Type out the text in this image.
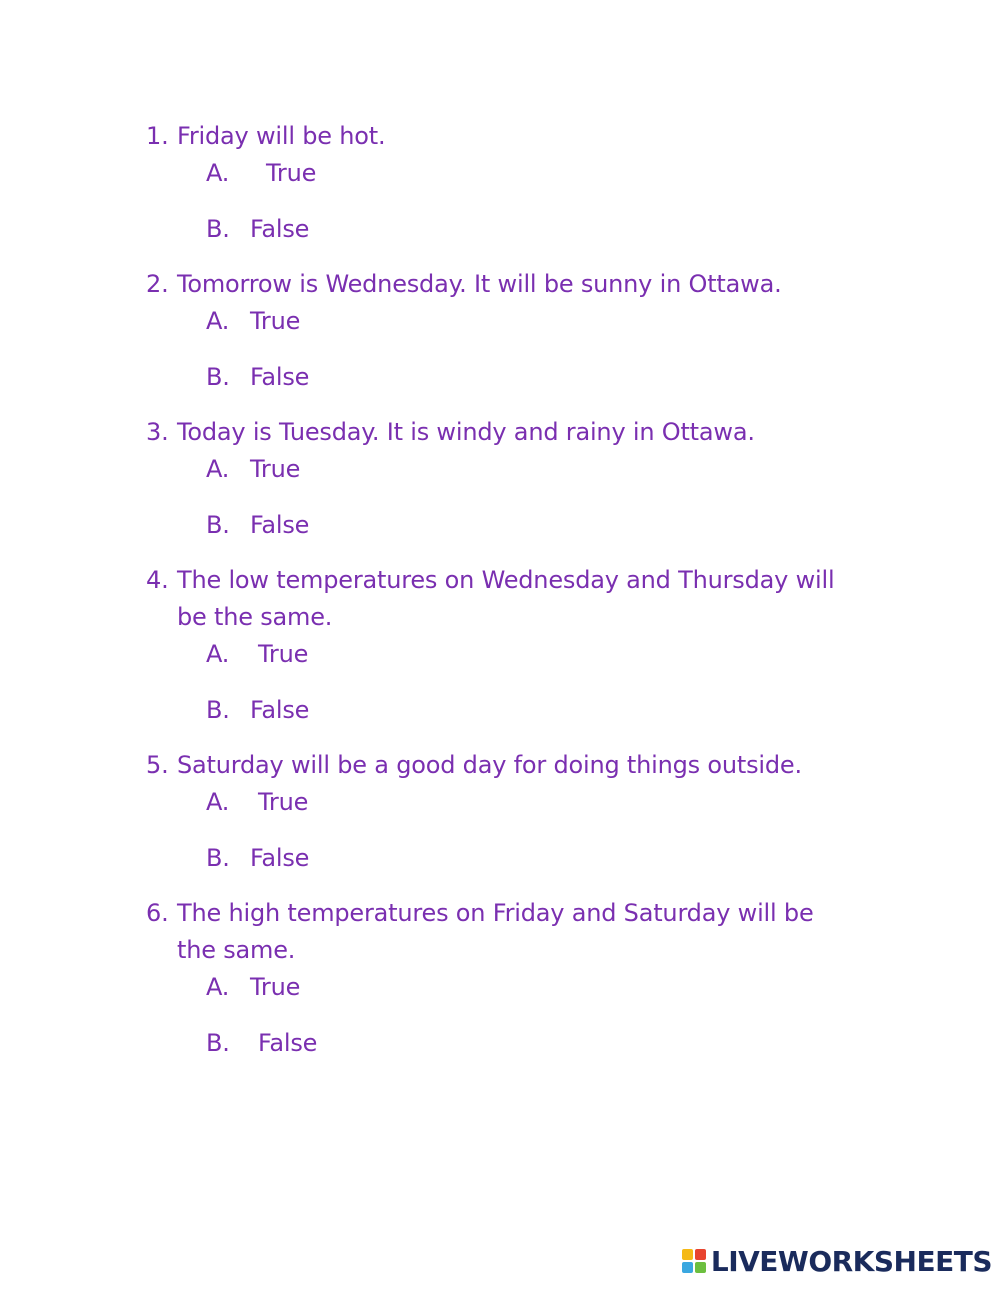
1. Friday will be hot.
A.	True
B. False
2. Tomorrow is Wednesday. It will be sunny in Ottawa.
A. True
B. False
3. Today is Tuesday. It is windy and rainy in Ottawa.
A. True
B. False
4. The low temperatures on Wednesday and Thursday will
be the same.
A.	True
B. False
5. Saturday will be a good day for doing things outside.
A.	True
B. False
6. The high temperatures on Friday and Saturday will be
the same.
A. True
B.	False
LIVEWORKSHEETS
